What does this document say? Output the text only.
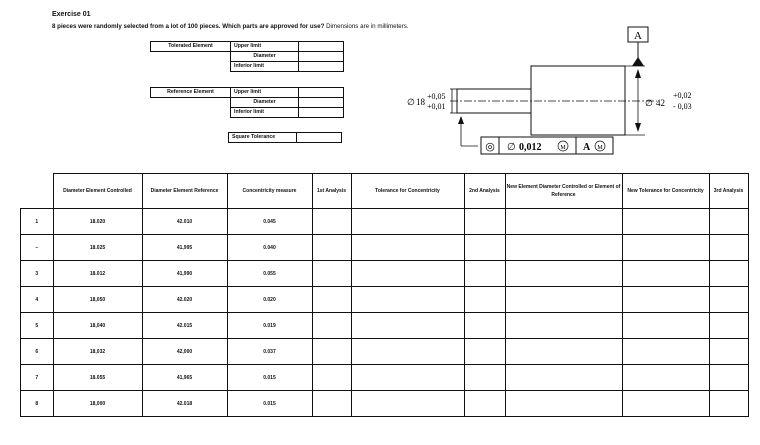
Exercise 01
8 pieces were randomly selected from a lot of 100 pieces. Which parts are approved for use? Dimensions are in millimeters.
Tolerated Element	Upper limit	
	Diameter	
	Inferior limit	
Reference Element	Upper limit	
	Diameter	
	Inferior limit	
Square Tolerance	
A
∅ 18
+0,05
+0,01	∅ 42
+0,02
- 0,03
◎ ∅ 0,012	M A M
	Diameter Element Controlled	Diameter Element Reference	Concentricity measure	1st Analysis	Tolerance for Concentricity	2nd Analysis	New Element Diameter Controlled or Element of Reference	New Tolerance for Concentricity	3rd Analysis
1	18.020	42.010	0.045						
–	18.025	41,995	0.040						
3	18.012	41,990	0.055						
4	18,050	42.020	0.020						
5	18,040	42.015	0.019						
6	18,032	42,000	0.037						
7	18.055	41,965	0.015						
8	18,000	42.018	0.015						
